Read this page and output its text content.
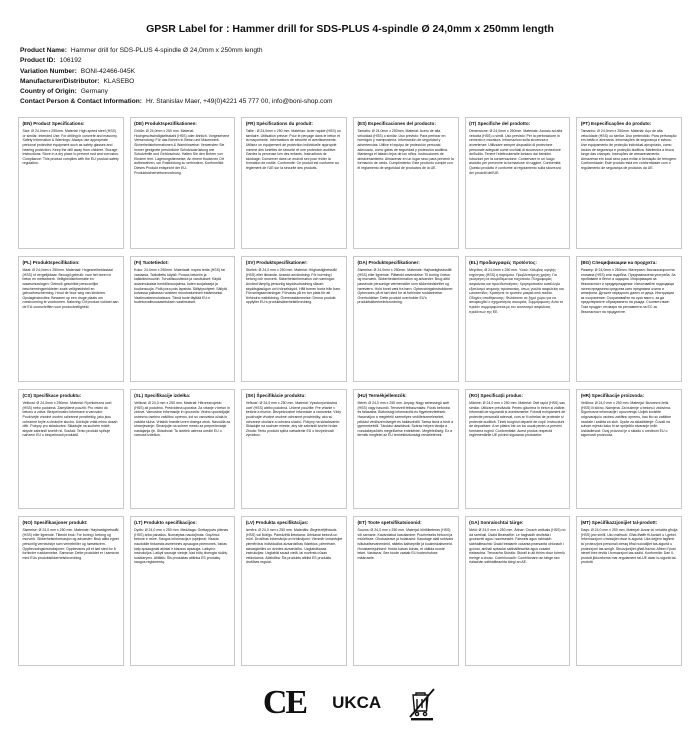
GPSR Label for : Hammer drill for SDS-PLUS 4-spindle Ø 24,0mm x 250mm length
Product Name: Hammer drill for SDS-PLUS 4-spindle Ø 24,0mm x 250mm length
Product ID: 106192
Variation Number: BONI-42466-045K
Manufacturer/Distributor: KLASEBO
Country of Origin: Germany
Contact Person & Contact Information: Hr. Stanislav Maer, +49(0)4221 45 777 00, info@boni-shop.com
(EN) Product Specifications:

Size: Ø 24,0mm x 250mm. Material: High-speed steel (HSS) or similar. Intended Use: For drilling in concrete and masonry. Safety Information & Warnings: Always use appropriate personal protective equipment such as safety glasses and hearing protection. Keep the drill away from children. Storage Instructions: Store in a dry place to prevent rust and corrosion. Compliance: This product complies with the EU product safety regulation.

(DE) Produktspezifikationen:

Größe: Ø 24,0mm x 250 mm. Material: Hochgeschwindigkeitsstahl (HSS) oder ähnlich. Vorgesehene Verwendung: Für das Bohren in Beton und Mauerwerk. Sicherheitsinformationen & Warnhinweise: Verwenden Sie immer geeignete persönliche Schutzausrüstung wie Schutzbrille und Gehörschutz. Halten Sie den Bohrer von Kindern fern. Lagerungshinweise: An einem trockenen Ort aufbewahren, um Rostbildung zu verhindern. Konformität: Dieses Produkt entspricht der EU-Produktsicherheitsverordnung.

(FR) Spécifications du produit:

Taille : Ø 24,0mm x 250 mm. Matériau: Acier rapide (HSS) ou similaire. Utilisation prévue: Pour le perçage dans le béton et la maçonnerie. Informations de sécurité et avertissements: Utilisez un équipement de protection individuelle approprié comme des lunettes de sécurité et une protection auditive. Gardez la perceuse loin des enfants. Instructions de stockage: Conserver dans un endroit sec pour éviter la formation de rouille. Conformité: Ce produit est conforme au règlement de l'UE sur la sécurité des produits.

(ES) Especificaciones del producto:

Tamaño: Ø 24,0mm x 250mm. Material: Acero de alta velocidad (HSS) o similar. Uso previsto: Para perforar en hormigón y mampostería. Información de seguridad y advertencias: Utilice el equipo de protección personal adecuado, como gafas de seguridad y protección auditiva. Mantenga el taladro lejos de los niños. Instrucciones de almacenamiento: Almacenar en un lugar seco para prevenir la formación de óxido. Cumplimiento: Este producto cumple con el reglamento de seguridad de productos de la UE.

(IT) Specifiche del prodotto:

Dimensione: Ø 24,0mm x 250mm. Materiale: Acciaio ad alta velocità (HSS) o simili. Uso previsto: Per la perforazione in cemento e muratura. Informazioni sulla sicurezza e avvertenze: Utilizzare sempre dispositivi di protezione personale adeguati come occhiali di sicurezza e protezione dell'udito. Tenere l'elettroutensile lontano dai bambini. Istruzioni per la conservazione: Conservare in un luogo asciutto per prevenire la formazione di ruggine. Conformità: Questo prodotto è conforme al regolamento sulla sicurezza dei prodotti dell'UE.

(PT) Especificações do produto:

Tamanho: Ø 24,0mm x 250mm. Material: Aço de alta velocidade (HSS) ou similar. Uso pretendido: Para perfuração em betão e alvenaria. Informações de segurança e avisos: Use equipamento de proteção individual apropriado, como óculos de segurança e proteção auditiva. Mantenha a broca longe das crianças. Instruções de armazenamento: Armazenar em local seco para evitar a formação de ferrugem. Conformidade: Este produto está em conformidade com o regulamento de segurança de produtos da UE.

(PL) Produktspecifikation:

Maat: Ø 24,0mm x 250mm. Materiaal: Hogesnelheidsstaal (HSS) of vergelijkbaar. Beoogd gebruik: voor het boren in beton en metselwerk. Veiligheidsinformatie en waarschuwingen: Gebruik geschikte persoonlijke beschermingsmiddelen zoals veiligheidsbril en gehoorbescherming. Houd de boor weg van kinderen. Opslaginstructies: Bewaren op een droge plaats om roestvorming te voorkomen. Naleving: Dit product voldoet aan de EU-voorschriften voor productveiligheid.

(FI) Tuotetiedot:

Koko: 24,0mm x 250mm. Materiaali: nopea teräs (HSS) tai vastaava. Tarkoitettu käyttö: Poraus betoniin ja kalkkikivimuuriin. Turvallisuustiedot ja varoitukset: Käytä asianmukaisia henkilönsuojaimia, kuten suojalaseja ja kuulonsuojia. Pidä pora pois lapsista. Säilytysohjeet: Säilytä kuivassa paikassa ruosteen muodostumisen estämiseksi. Vaatimustenmukaisuus: Tämä tuote täyttää EU:n tuoteturvallisuusasetuksen vaatimukset.

(SV) Produktspecifikationer:

Storlek: Ø 24,0 mm x 250 mm. Material: Höghastighetsstål (HSS) eller liknande. Avsedd användning: För borrning i betong och murverk. Säkerhetsinformation och varningar: Använd lämplig personlig skyddsutrustning såsom skyddsglasögon och hörselskydd. Håll borren borta från barn. Förvaringsanvisningar: Förvaras på en torr plats för att förhindra rostbildning. Överensstämmelse: Denna produkt uppfyller EU:s produktsäkerhetsförordning.

(DA) Produktspecifikationer:

Størrelse: Ø 24,0mm x 250mm. Materiale: Højhastighedsstål (HSS) eller lignende. Påtænkt anvendelse: Til boring i beton og murværk. Sikkerhedsinformation og advarsler: Brug altid passende personlige værnemidler som sikkerhedsbriller og høreværn. Hold boret væk fra børn. Opbevaringsinstruktioner: Opbevares på et tørt sted for at forhindre rustdannelse. Overholdelse: Dette produkt overholder EU's produktsikkerhedsforordning.

(EL) Προδιαγραφές προϊόντος:

Μέγεθος: Ø 24,0mm x 250 mm. Υλικό: Χάλυβας υψηλής ταχύτητας (HSS) ή παρόμοιο. Προβλεπόμενη χρήση: Για γεώτρηση σε σκυρόδεμα και τοιχοποιία. Πληροφορίες ασφαλείας και προειδοποιήσεις: Χρησιμοποιείτε κατάλληλο εξοπλισμό ατομικής προστασίας, όπως γυαλιά ασφαλείας και ωτοασπίδες. Κρατήστε το τρυπάνι μακριά από παιδιά. Οδηγίες αποθήκευσης: Φυλάσσετε σε ξηρό χώρο για να αποφευχθεί ο σχηματισμός σκουριάς. Συμμόρφωση: Αυτό το προϊόν συμμορφώνεται με τον κανονισμό ασφάλειας προϊόντων της ΕΕ.

(BG) Спецификации на продукта:

Размер: Ø 24,0mm x 250mm. Материал: Високоскоростна стомана (HSS) или подобна. Предназначена употреба: За пробиване в бетон и зидария. Информация за безопасност и предупреждения: Използвайте подходящи лични предпазни средства като предпазни очила и антифони. Дръжте свредлото далеч от деца. Инструкции за съхранение: Съхранявайте на сухо място, за да предотвратите образуването на ръжда. Съответствие: Този продукт отговаря на регламента на ЕС за безопасност на продуктите.

(CS) Specifikace produktu:

Velikost: Ø 24,0mm x 250mm. Materiál: Rychlořezná ocel (HSS) nebo podobná. Zamýšlené použití: Pro vrtání do betonu a zdiva. Bezpečnostní informace a varování: Používejte vhodné osobní ochranné prostředky, jako jsou ochranné brýle a chrániče sluchu. Udržujte vrták mimo dosah dětí. Pokyny pro skladování: Skladujte na suchém místě, abyste zabránili tvorbě rzi. Soulad: Tento produkt splňuje nařízení EU o bezpečnosti produktů.

(SL) Specifikacije izdelka:

Velikost: Ø 24,0 mm x 250 mm. Material: Hitroreznojeklo (HSS) ali podobno. Predvidena uporaba: Za vrtanje v beton in zidove. Varnostne informacije in opozorila: Vedno uporabljajte ustrezno osebno zaščitno opremo, kot so varovalna očala in zaščita sluha. Vrtalnik hranite izven dosega otrok. Navodila za shranjevanje: Shranjujte na suhem mestu za preprečevanje nastajanja rje. Skladnost: Ta izdelek ustreza uredbi EU o varnosti izdelkov.

(SK) Špecifikácie produktu:

Veľkosť: Ø 24,0 mm x 250 mm. Materiál: Vysokorýchlostná oceľ (HSS) alebo podobná. Určené použitie: Pre vŕtanie v betóne a murive. Bezpečnostné informácie a varovania: Vždy používajte vhodné osobné ochranné prostriedky, ako sú ochranné okuliare a ochrana sluchu. Pokyny na skladovanie: Skladujte na suchom mieste, aby ste zabránili tvorbe hrdze. Zhoda: Tento produkt spĺňa nariadenie EÚ o bezpečnosti výrobkov.

(HU) Termékjellemzők:

Méret: Ø 24,0 mm x 250 mm. Anyag: Nagy sebességű acél (HSS) vagy hasonló. Tervezett felhasználás: Fúrás betonba és falazatba. Biztonsági információk és figyelmeztetések: Használjon a megfelelő személyes védőfelszereléseket, például védőszemüveget és hallásvédőt. Tartsa távol a fúrót a gyermekektől. Tárolási utasítások: Száraz helyen tárolja a rozsdaképződés megelőzése érdekében. Megfelelőség: Ez a termék megfelel az EU termékbiztonsági rendeletének.

(RO) Specificații produs:

Mărime: Ø 24,0 mm x 250 mm. Material: Oțel rapid (HSS) sau similar. Utilizare prevăzută: Pentru găurirea în beton și zidărie. Informații de siguranță și avertismente: Folosiți echipament de protecție personală adecvat, cum ar fi ochelari de protecție și protecție auditivă. Țineți burghiul departe de copii. Instrucțiuni de depozitare: A se păstra într-un loc uscat pentru a preveni formarea ruginii. Conformitate: Acest produs respectă reglementările UE privind siguranța produselor.

(HR) Specifikacije proizvoda:

Veličina: Ø 24,0 mm x 250 mm. Materijal: Brzorezni čelik (HSS) ili slično. Namjena: Za bušenje u betonu i zidovima. Sigurnosne informacije i upozorenja: Uvijek koristite odgovarajuću osobnu zaštitnu opremu, kao što su zaštitne naočale i zaštita za sluh. Upute za skladištenje: Čuvati na suhom mjestu kako bi se spriječilo stvaranje hrđe. Usklađenost: Ovaj proizvod je u skladu s uredbom EU o sigurnosti proizvoda.

(NO) Spesifikasjoner produkt:

Størrelse: Ø 24,0 mm x 250 mm. Materiale: Høyhastighetsstål (HSS) eller lignende. Tiltenkt bruk: For boring i betong og murverk. Sikkerhetsinformasjon og advarsler: Bruk alltid egnet personlig verneutstyr som vernebriller og hørselsvern. Oppbevaringsinstruksjoner: Oppbevares på et tørt sted for å forhindre rustdannelse. Samsvar: Dette produktet er i samsvar med EUs produktsikkerhetsforordning.

(LT) Produkto specifikacijos:

Dydis: Ø 24,0 mm x 250 mm. Medžiaga: Greitapjovis plienas (HSS) arba panašus. Numatytas naudojimas: Gręžimui betone ir mūre. Saugos informacija ir įspėjimai: Visada naudokite tinkamas asmeninės apsaugos priemones, tokias kaip apsauginiai akiniai ir klausos apsauga. Laikymo instrukcijos: Laikyti sausoje vietoje, kad būtų išvengta rūdžių susidarymo. Atitiktis: Šis produktas atitinka ES produktų saugos reglamentą.

(LV) Produkta specifikācijas:

Izmērs: Ø 24,0 mm x 250 mm. Materiāls: Ātrgriezējtērauds (HSS) vai līdzīgs. Paredzētā lietošana: Urbšanai betonā un mūrī. Drošības informācija un brīdinājumi: Vienmēr izmantojiet piemērotus individuālos aizsardzības līdzekļus, piemēram, aizsargbrilles un dzirdes aizsardzību. Uzglabāšanas instrukcijas: Uzglabāt sausā vietā, lai novērstu rūsas veidošanos. Atbilstība: Šis produkts atbilst ES produktu drošības regulai.

(ET) Toote spetsifikatsioonid:

Suurus: Ø 24,0 mm x 250 mm. Materjal: kiirlõiketeras (HSS) või sarnane. Kavandatud kasutamine: Puurimiseks betooni ja müüritisse. Ohutusteave ja hoiatused: Kasutage alati sobivaid isikukaitsevahendeid, näiteks kaitseprille ja kuulmiskaitsmeid. Hoiustamisjuhised: Hoida kuivas kohas, et vältida rooste teket. Vastavus: See toode vastab ELi tooteohutuse määrusele.

(GA) Sonraíochtaí táirge:

Méid: Ø 24,0 mm x 250 mm. Ábhar: Cruach ardluais (HSS) nó dá samhail. Úsáid Beartaithe: Le haghaidh druileála i gcoincréit agus i saoirseacht. Faisnéis agus rabhaidh sábháilteachta: Úsáid trealamh cosanta pearsanta oiriúnach i gcónaí, amhail spéaclaí sábháilteachta agus cosaint éisteachta. Treoracha Stórála: Stóráil in áit thirim chun foirmiú meirge a chosc. Comhlíonadh: Comhlíonann an táirge seo rialachán sábháilteachta táirgí an AE.

(MT) Speċifikazzjonijiet tal-prodott:

Daqs: Ø 24,0 mm x 250 mm. Materjal: Azzar ta' veloċità għolja (HSS) jew simili. Użu maħsub: Għat-tħaffir fil-konkrit u l-ġebel. Informazzjoni u twissijiet dwar is-sigurtà: Uża dejjem tagħmir ta' protezzjoni personali xieraq bħal nuċċalijiet tas-sigurtà u protezzjoni tas-smigħ. Struzzjonijiet għall-ħażna: Aħżen f'post niexef biex tevita l-formazzjoni tas-sadid. Konformità: Dan il-prodott jikkonforma mar-regolament tal-UE dwar is-sigurtà tal-prodotti.

CE UKCA
